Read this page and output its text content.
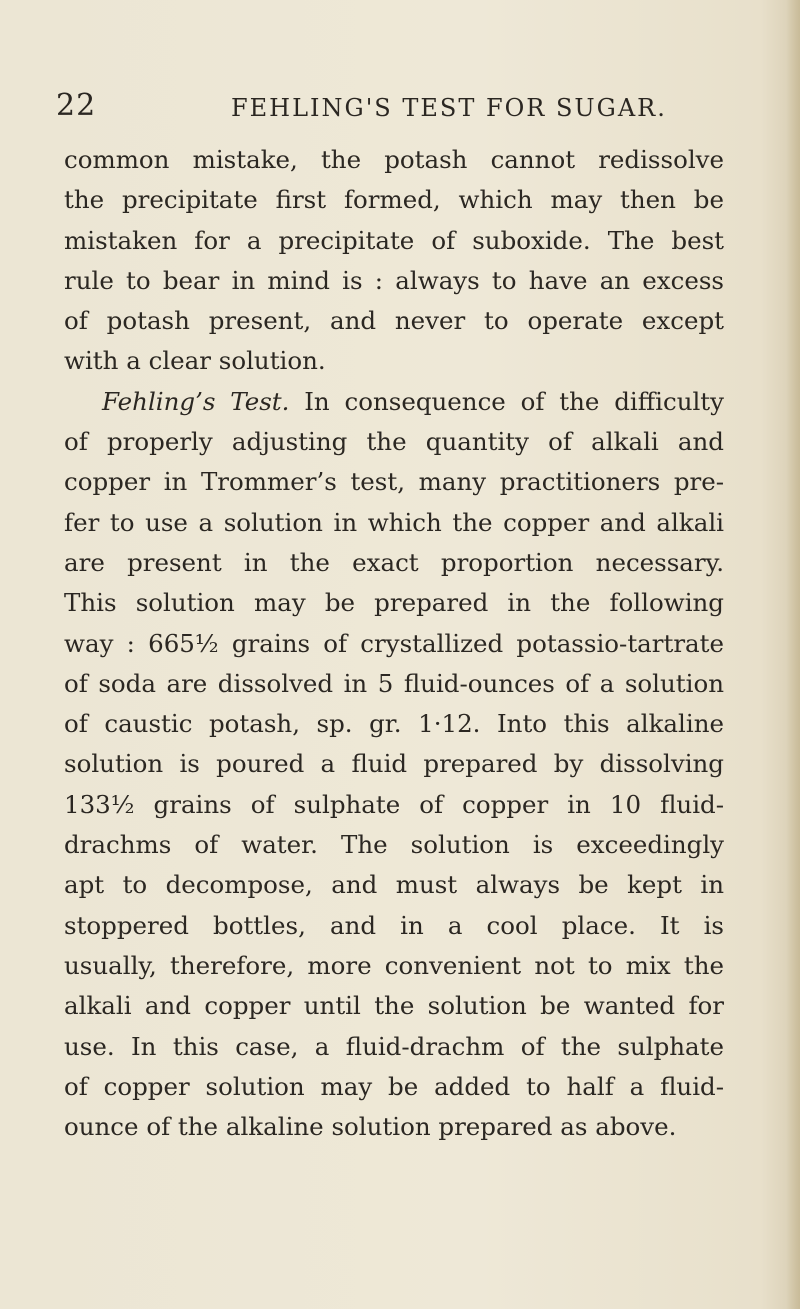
22	FEHLING'S TEST FOR SUGAR.
common mistake, the potash cannot redissolve
the precipitate first formed, which may then be
mistaken for a precipitate of suboxide. The best
rule to bear in mind is : always to have an excess
of potash present, and never to operate except
with a clear solution.
Fehling’s Test. In consequence of the difficulty
of properly adjusting the quantity of alkali and
copper in Trommer’s test, many practitioners pre-
fer to use a solution in which the copper and alkali
are present in the exact proportion necessary.
This solution may be prepared in the following
way : 665½ grains of crystallized potassio-tartrate
of soda are dissolved in 5 fluid-ounces of a solution
of caustic potash, sp. gr. 1·12. Into this alkaline
solution is poured a fluid prepared by dissolving
133½ grains of sulphate of copper in 10 fluid-
drachms of water. The solution is exceedingly
apt to decompose, and must always be kept in
stoppered bottles, and in a cool place. It is
usually, therefore, more convenient not to mix the
alkali and copper until the solution be wanted for
use. In this case, a fluid-drachm of the sulphate
of copper solution may be added to half a fluid-
ounce of the alkaline solution prepared as above.
